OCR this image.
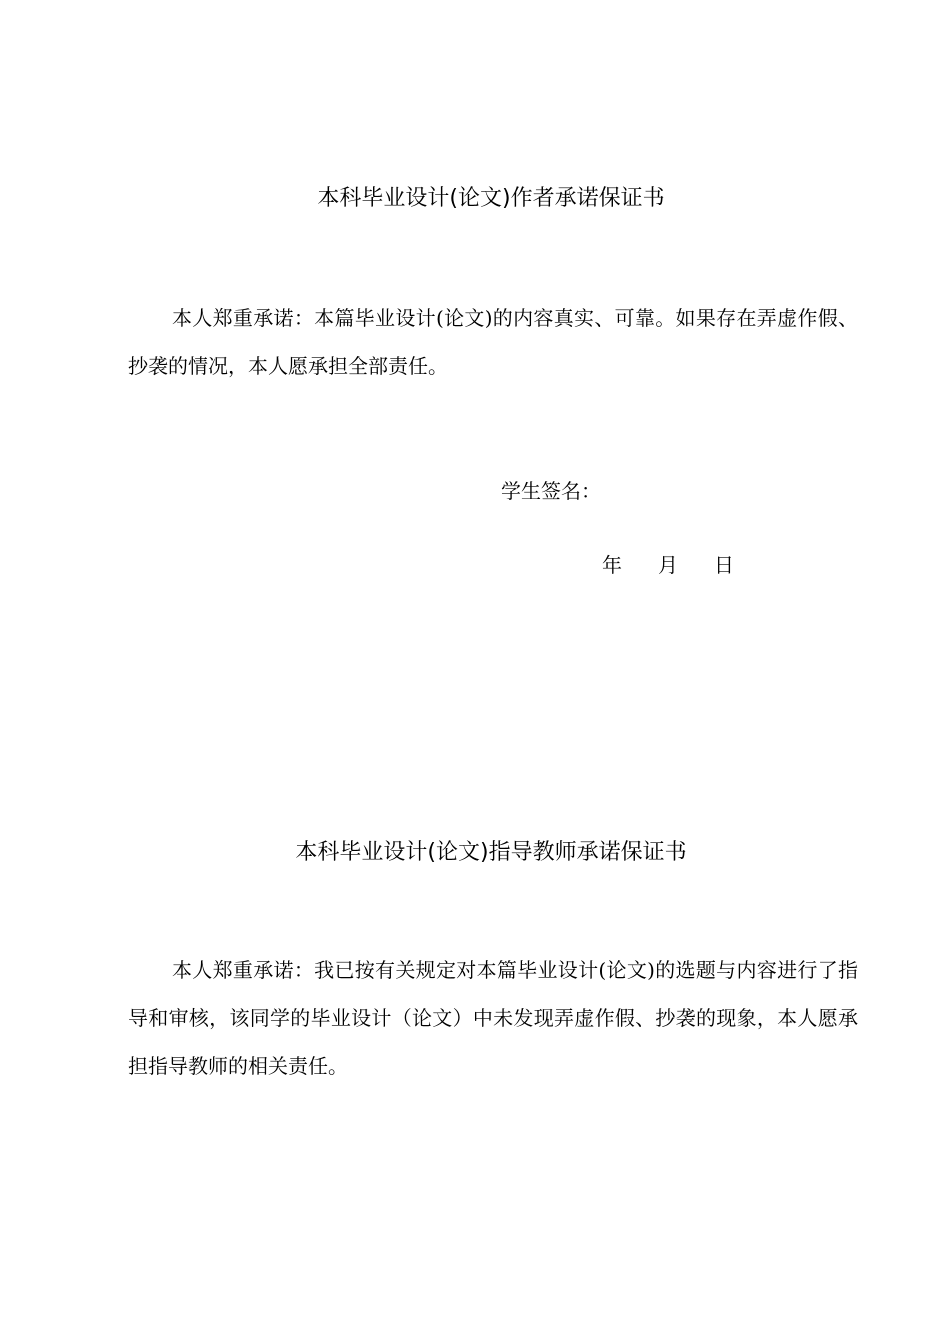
本科毕业设计(论文)作者承诺保证书
本人郑重承诺：本篇毕业设计(论文)的内容真实、可靠。如果存在弄虚作假、抄袭的情况，本人愿承担全部责任。
学生签名：
年 月 日
本科毕业设计(论文)指导教师承诺保证书
本人郑重承诺：我已按有关规定对本篇毕业设计(论文)的选题与内容进行了指导和审核，该同学的毕业设计（论文）中未发现弄虚作假、抄袭的现象，本人愿承担指导教师的相关责任。
